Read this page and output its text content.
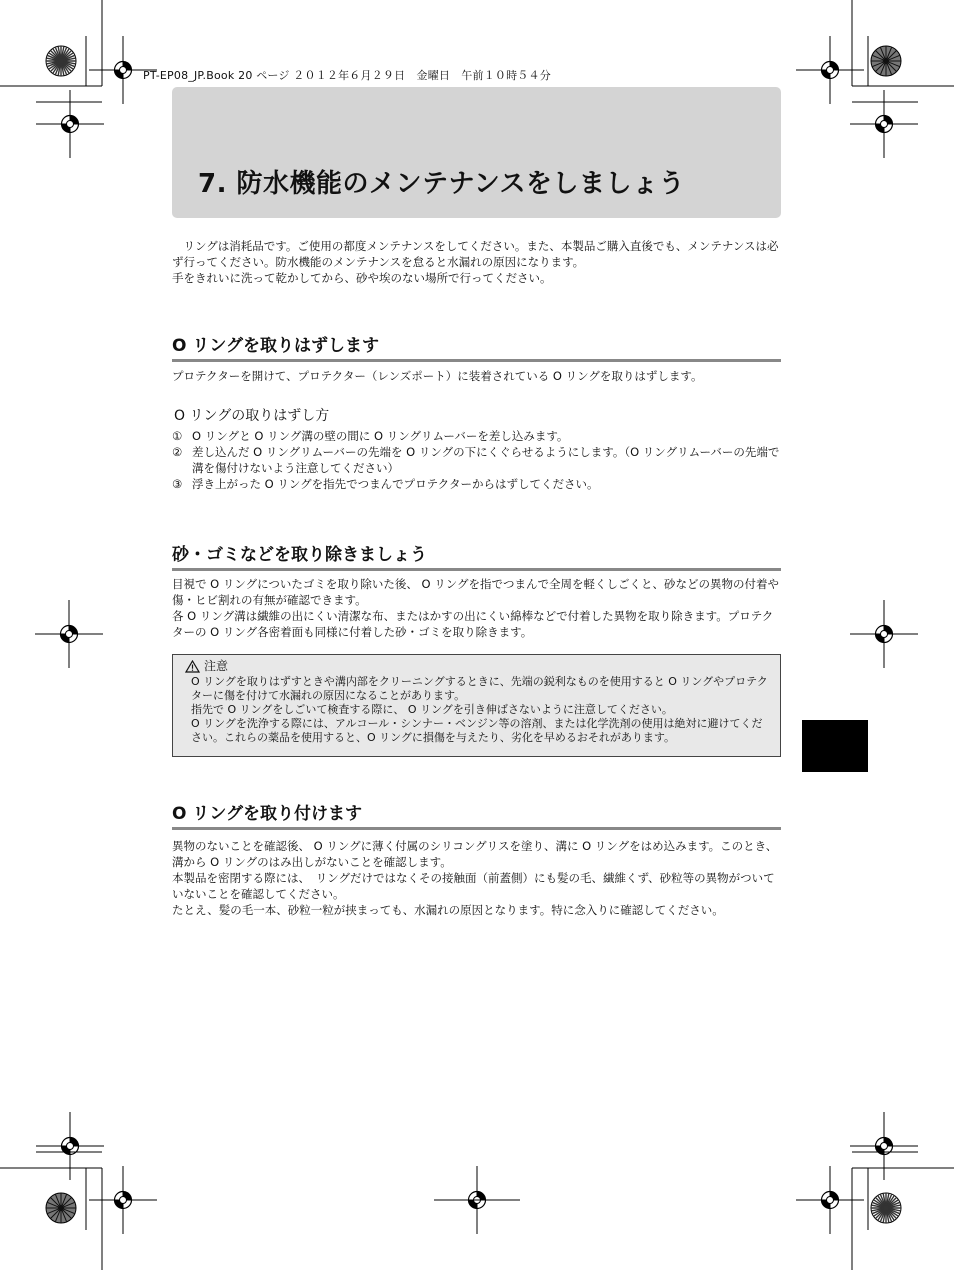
PT-EP08_JP.Book 20 ページ ２０１２年６月２９日　金曜日　午前１０時５４分
7. 防水機能のメンテナンスをしましょう

　リングは消耗品です。ご使用の都度メンテナンスをしてください。また、本製品ご購入直後でも、メンテナンスは必ず行ってください。防水機能のメンテナンスを怠ると水漏れの原因になります。

手をきれいに洗って乾かしてから、砂や埃のない場所で行ってください。

O リングを取りはずします
プロテクターを開けて、プロテクター（レンズポート）に装着されている O リングを取りはずします。
O リングの取りはずし方
① O リングと O リング溝の壁の間に O リングリムーバーを差し込みます。
② 差し込んだ O リングリムーバーの先端を O リングの下にくぐらせるようにします。（O リングリムーバーの先端で溝を傷付けないよう注意してください）
③ 浮き上がった O リングを指先でつまんでプロテクターからはずしてください。
砂・ゴミなどを取り除きましょう

目視で O リングについたゴミを取り除いた後、 O リングを指でつまんで全周を軽くしごくと、砂などの異物の付着や傷・ヒビ割れの有無が確認できます。

各 O リング溝は繊維の出にくい清潔な布、またはかすの出にくい綿棒などで付着した異物を取り除きます。プロテクターの O リング各密着面も同様に付着した砂・ゴミを取り除きます。

注意

O リングを取りはずすときや溝内部をクリーニングするときに、先端の鋭利なものを使用すると O リングやプロテクターに傷を付けて水漏れの原因になることがあります。

指先で O リングをしごいて検査する際に、 O リングを引き伸ばさないように注意してください。

O リングを洗浄する際には、アルコール・シンナー・ベンジン等の溶剤、または化学洗剤の使用は絶対に避けてください。これらの薬品を使用すると、O リングに損傷を与えたり、劣化を早めるおそれがあります。

O リングを取り付けます

異物のないことを確認後、 O リングに薄く付属のシリコングリスを塗り、溝に O リングをはめ込みます。このとき、溝から O リングのはみ出しがないことを確認します。

本製品を密閉する際には、　リングだけではなくその接触面（前蓋側）にも髪の毛、繊維くず、砂粒等の異物がついていないことを確認してください。

たとえ、髪の毛一本、砂粒一粒が挟まっても、水漏れの原因となります。特に念入りに確認してください。
